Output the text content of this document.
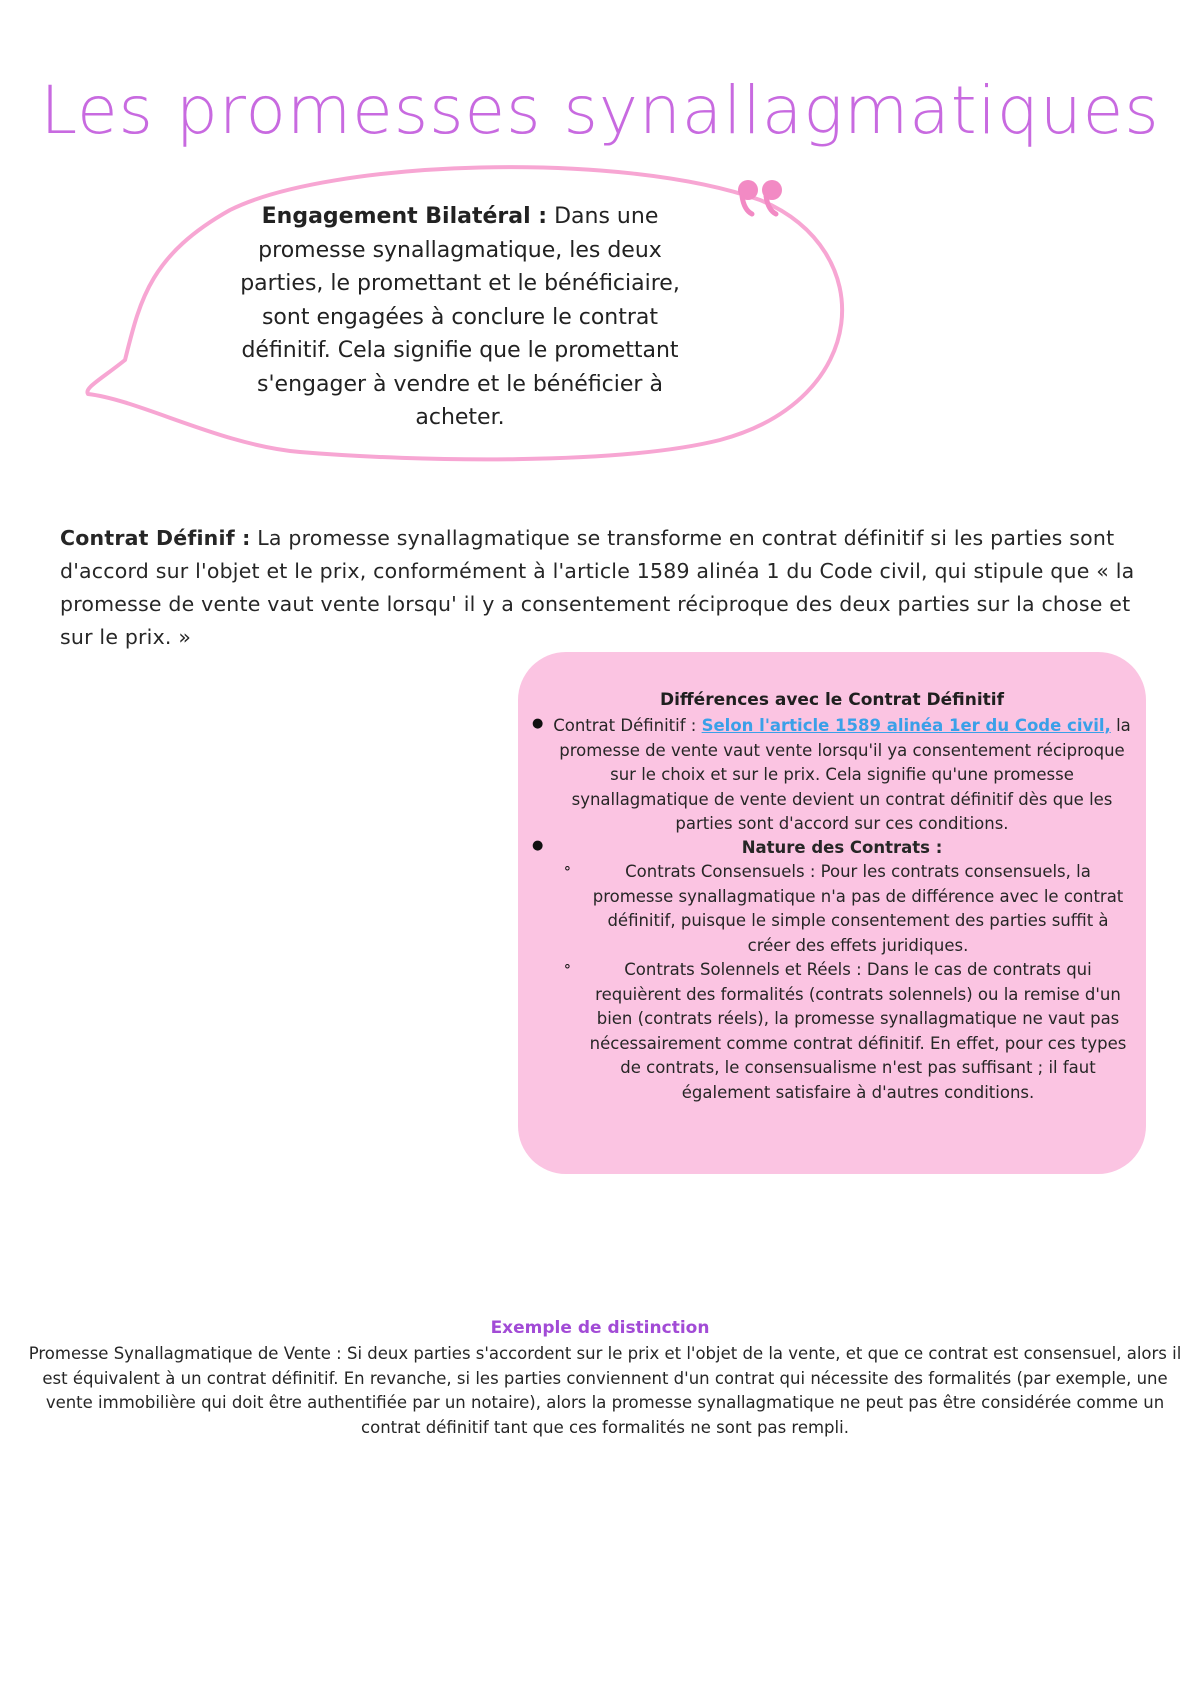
Les promesses synallagmatiques
Engagement Bilatéral : Dans une promesse synallagmatique, les deux parties, le promettant et le bénéficiaire, sont engagées à conclure le contrat définitif. Cela signifie que le promettant s'engager à vendre et le bénéficier à acheter.
Contrat Définif : La promesse synallagmatique se transforme en contrat définitif si les parties sont d'accord sur l'objet et le prix, conformément à l'article 1589 alinéa 1 du Code civil, qui stipule que « la promesse de vente vaut vente lorsqu' il y a consentement réciproque des deux parties sur la chose et sur le prix. »
Différences avec le Contrat Définitif
● Contrat Définitif : Selon l'article 1589 alinéa 1er du Code civil, la promesse de vente vaut vente lorsqu'il ya consentement réciproque sur le choix et sur le prix. Cela signifie qu'une promesse synallagmatique de vente devient un contrat définitif dès que les parties sont d'accord sur ces conditions.
●	Nature des Contrats :
⚬	Contrats Consensuels : Pour les contrats consensuels, la promesse synallagmatique n'a pas de différence avec le contrat définitif, puisque le simple consentement des parties suffit à créer des effets juridiques.
⚬	Contrats Solennels et Réels : Dans le cas de contrats qui requièrent des formalités (contrats solennels) ou la remise d'un bien (contrats réels), la promesse synallagmatique ne vaut pas nécessairement comme contrat définitif. En effet, pour ces types de contrats, le consensualisme n'est pas suffisant ; il faut également satisfaire à d'autres conditions.
Exemple de distinction
Promesse Synallagmatique de Vente : Si deux parties s'accordent sur le prix et l'objet de la vente, et que ce contrat est consensuel, alors il est équivalent à un contrat définitif. En revanche, si les parties conviennent d'un contrat qui nécessite des formalités (par exemple, une vente immobilière qui doit être authentifiée par un notaire), alors la promesse synallagmatique ne peut pas être considérée comme un contrat définitif tant que ces formalités ne sont pas rempli.
